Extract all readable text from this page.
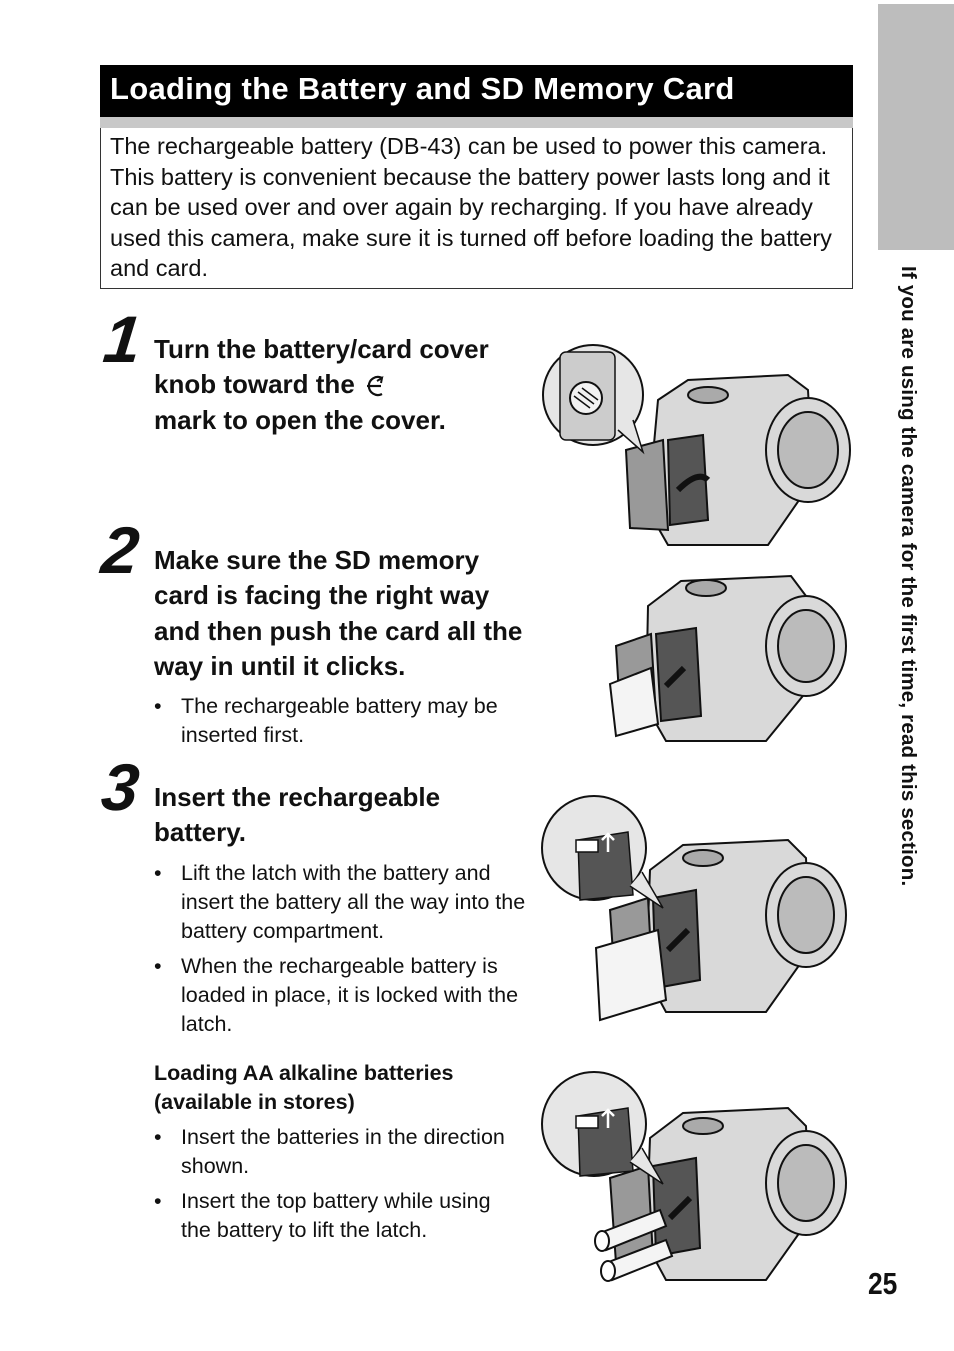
If you are using the camera for the first time, read this section.
Loading the Battery and SD Memory Card

The rechargeable battery (DB-43) can be used to power this camera. This battery is convenient because the battery power lasts long and it can be used over and over again by recharging. If you have already used this camera, make sure it is turned off before loading the battery and card.

1 Turn the battery/card cover knob toward the
mark to open the cover.
2 Make sure the SD memory card is facing the right way and then push the card all the way in until it clicks.
• The rechargeable battery may be inserted first.
3 Insert the rechargeable battery.
• Lift the latch with the battery and insert the battery all the way into the battery compartment.
• When the rechargeable battery is loaded in place, it is locked with the latch.
Loading AA alkaline batteries (available in stores)
• Insert the batteries in the direction shown.
• Insert the top battery while using the battery to lift the latch.
25
